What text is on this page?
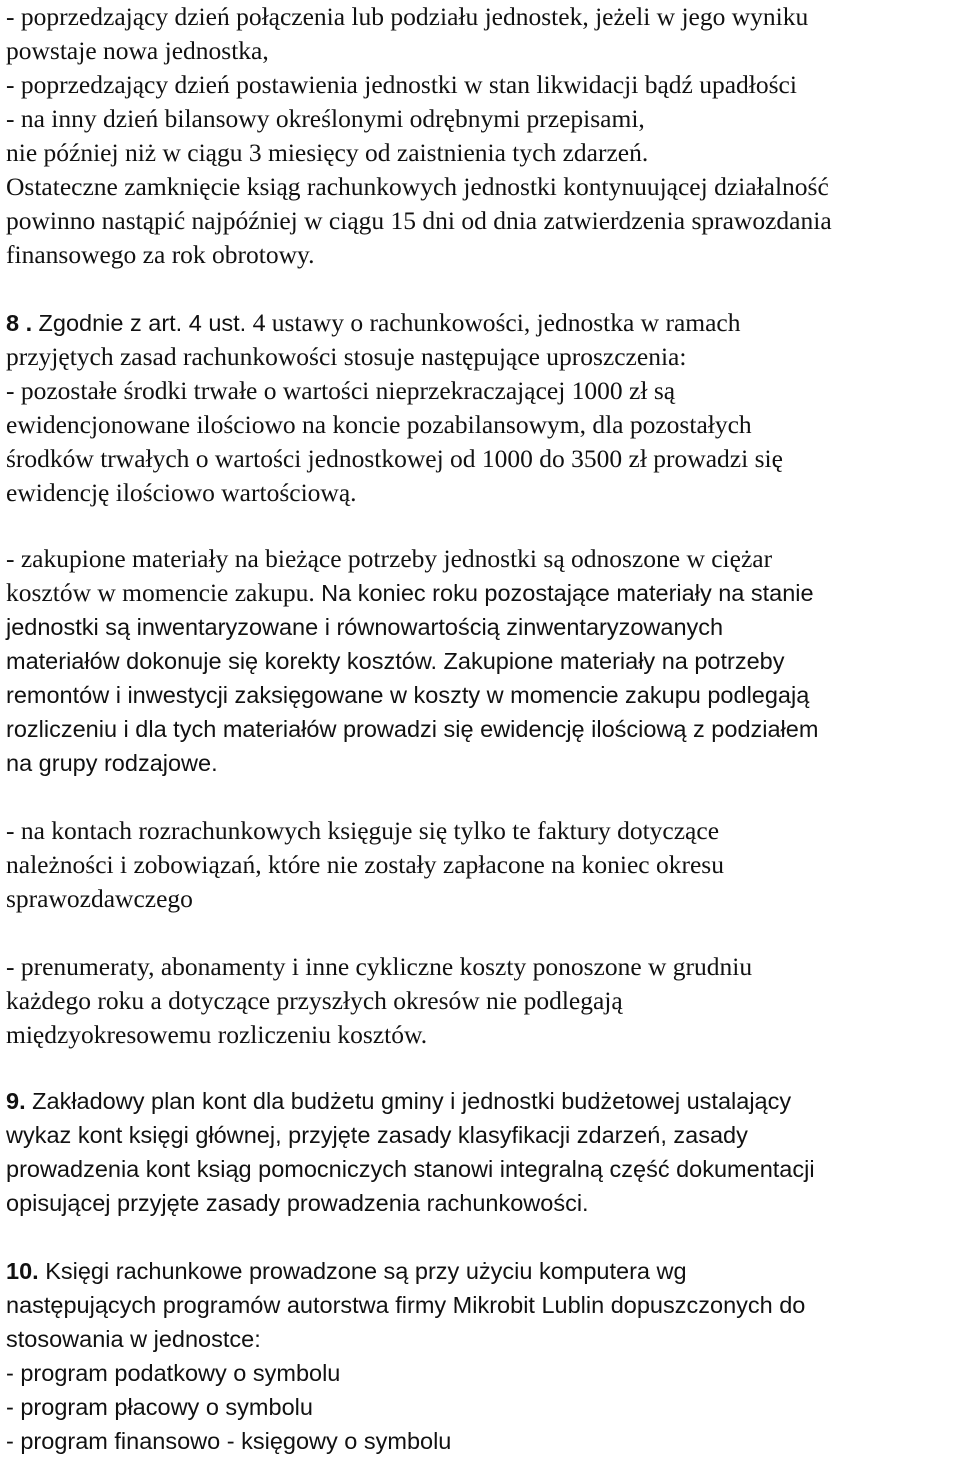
- poprzedzający dzień połączenia lub podziału jednostek, jeżeli w jego wyniku
powstaje nowa jednostka,
- poprzedzający dzień postawienia jednostki w stan likwidacji bądź upadłości
- na inny dzień bilansowy określonymi odrębnymi przepisami,
nie później niż w ciągu 3 miesięcy od zaistnienia tych zdarzeń.
Ostateczne zamknięcie ksiąg rachunkowych jednostki kontynuującej działalność
powinno nastąpić najpóźniej w ciągu 15 dni od dnia zatwierdzenia sprawozdania
finansowego za rok obrotowy.
8 . Zgodnie z art. 4 ust. 4 ustawy o rachunkowości, jednostka w ramach
przyjętych zasad rachunkowości stosuje następujące uproszczenia:
- pozostałe środki trwałe o wartości nieprzekraczającej 1000 zł są
ewidencjonowane ilościowo na koncie pozabilansowym, dla pozostałych
środków trwałych o wartości jednostkowej od 1000 do 3500 zł prowadzi się
ewidencję ilościowo wartościową.
- zakupione materiały na bieżące potrzeby jednostki są odnoszone w ciężar
kosztów w momencie zakupu. Na koniec roku pozostające materiały na stanie
jednostki są inwentaryzowane i równowartością zinwentaryzowanych
materiałów dokonuje się korekty kosztów. Zakupione materiały na potrzeby
remontów i inwestycji zaksięgowane w koszty w momencie zakupu podlegają
rozliczeniu i dla tych materiałów prowadzi się ewidencję ilościową z podziałem
na grupy rodzajowe.
- na kontach rozrachunkowych księguje się tylko te faktury dotyczące
należności i zobowiązań, które nie zostały zapłacone na koniec okresu
sprawozdawczego
- prenumeraty, abonamenty i inne cykliczne koszty ponoszone w grudniu
każdego roku a dotyczące przyszłych okresów nie podlegają
międzyokresowemu rozliczeniu kosztów.
9. Zakładowy plan kont dla budżetu gminy i jednostki budżetowej ustalający
wykaz kont księgi głównej, przyjęte zasady klasyfikacji zdarzeń, zasady
prowadzenia kont ksiąg pomocniczych stanowi integralną część dokumentacji
opisującej przyjęte zasady prowadzenia rachunkowości.
10. Księgi rachunkowe prowadzone są przy użyciu komputera wg
następujących programów autorstwa firmy Mikrobit Lublin dopuszczonych do
stosowania w jednostce:
- program podatkowy o symbolu
- program płacowy o symbolu
- program finansowo - księgowy o symbolu
